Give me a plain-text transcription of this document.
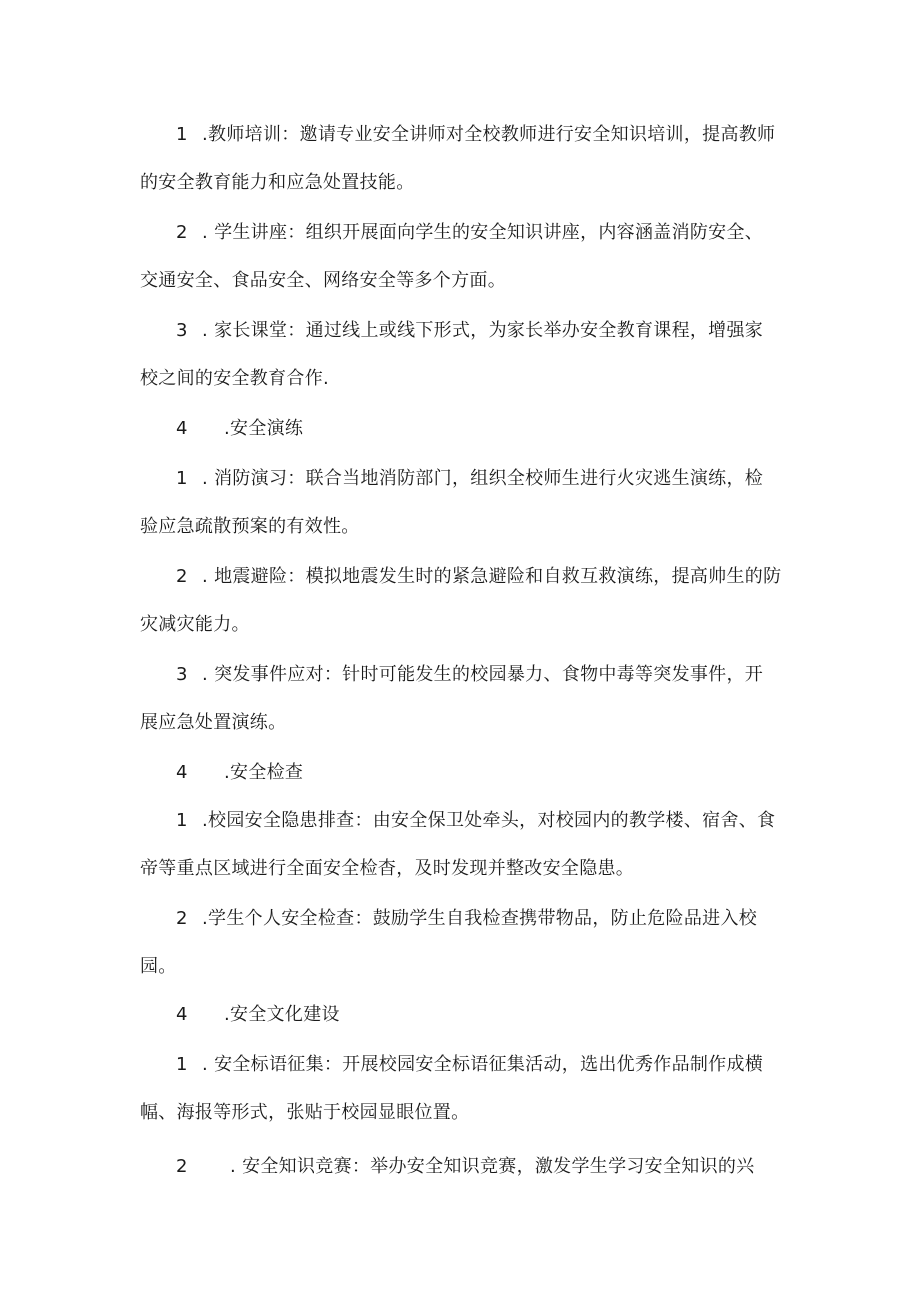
1 .教师培训：邀请专业安全讲师对全校教师进行安全知识培训，提高教师
的安全教育能力和应急处置技能。
2 . 学生讲座：组织开展面向学生的安全知识讲座，内容涵盖消防安全、
交通安全、食品安全、网络安全等多个方面。
3 . 家长课堂：通过线上或线下形式，为家长举办安全教育课程，增强家
校之间的安全教育合作.
4 .安全演练
1 . 消防演习：联合当地消防部门，组织全校师生进行火灾逃生演练，检
验应急疏散预案的有效性。
2 . 地震避险：模拟地震发生时的紧急避险和自救互救演练，提高帅生的防
灾减灾能力。
3 . 突发事件应对：针时可能发生的校园暴力、食物中毒等突发事件，开
展应急处置演练。
4 .安全检查
1 .校园安全隐患排查：由安全保卫处牵头，对校园内的教学楼、宿舍、食
帝等重点区域进行全面安全检杳，及时发现并整改安全隐患。
2 .学生个人安全检查：鼓励学生自我检查携带物品，防止危险品进入校
园。
4 .安全文化建设
1 . 安全标语征集：开展校园安全标语征集活动，选出优秀作品制作成横
幅、海报等形式，张贴于校园显眼位置。
2 . 安全知识竞赛：举办安全知识竞赛，激发学生学习安全知识的兴
